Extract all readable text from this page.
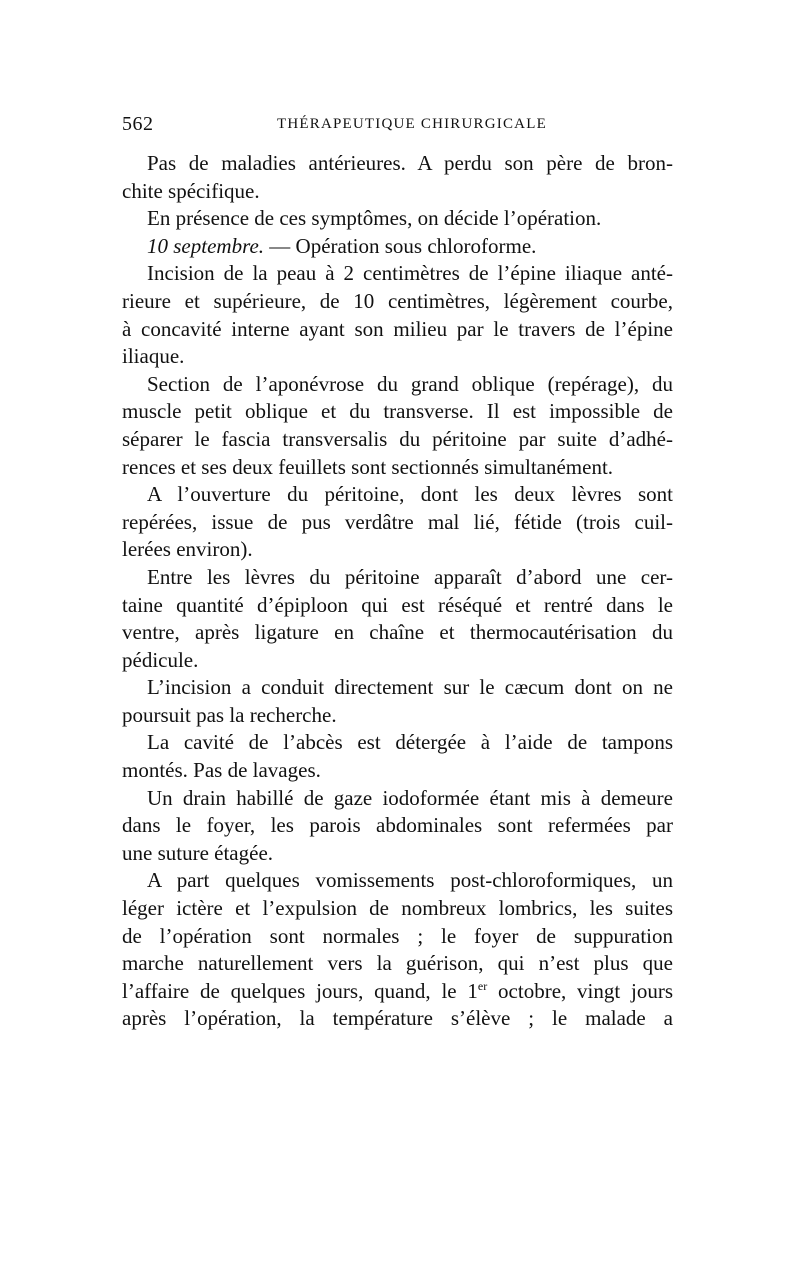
562	THÉRAPEUTIQUE CHIRURGICALE

Pas de maladies antérieures. A perdu son père de bron-
chite spécifique.

En présence de ces symptômes, on décide l’opération.

10 septembre. — Opération sous chloroforme.

Incision de la peau à 2 centimètres de l’épine iliaque anté-
rieure et supérieure, de 10 centimètres, légèrement courbe,
à concavité interne ayant son milieu par le travers de l’épine
iliaque.

Section de l’aponévrose du grand oblique (repérage), du
muscle petit oblique et du transverse. Il est impossible de
séparer le fascia transversalis du péritoine par suite d’adhé-
rences et ses deux feuillets sont sectionnés simultanément.

A l’ouverture du péritoine, dont les deux lèvres sont
repérées, issue de pus verdâtre mal lié, fétide (trois cuil-
lerées environ).

Entre les lèvres du péritoine apparaît d’abord une cer-
taine quantité d’épiploon qui est réséqué et rentré dans le
ventre, après ligature en chaîne et thermocautérisation du
pédicule.

L’incision a conduit directement sur le cæcum dont on ne
poursuit pas la recherche.

La cavité de l’abcès est détergée à l’aide de tampons
montés. Pas de lavages.

Un drain habillé de gaze iodoformée étant mis à demeure
dans le foyer, les parois abdominales sont refermées par
une suture étagée.

A part quelques vomissements post-chloroformiques, un
léger ictère et l’expulsion de nombreux lombrics, les suites
de l’opération sont normales ; le foyer de suppuration
marche naturellement vers la guérison, qui n’est plus que
l’affaire de quelques jours, quand, le 1er octobre, vingt jours
après l’opération, la température s’élève ; le malade a
